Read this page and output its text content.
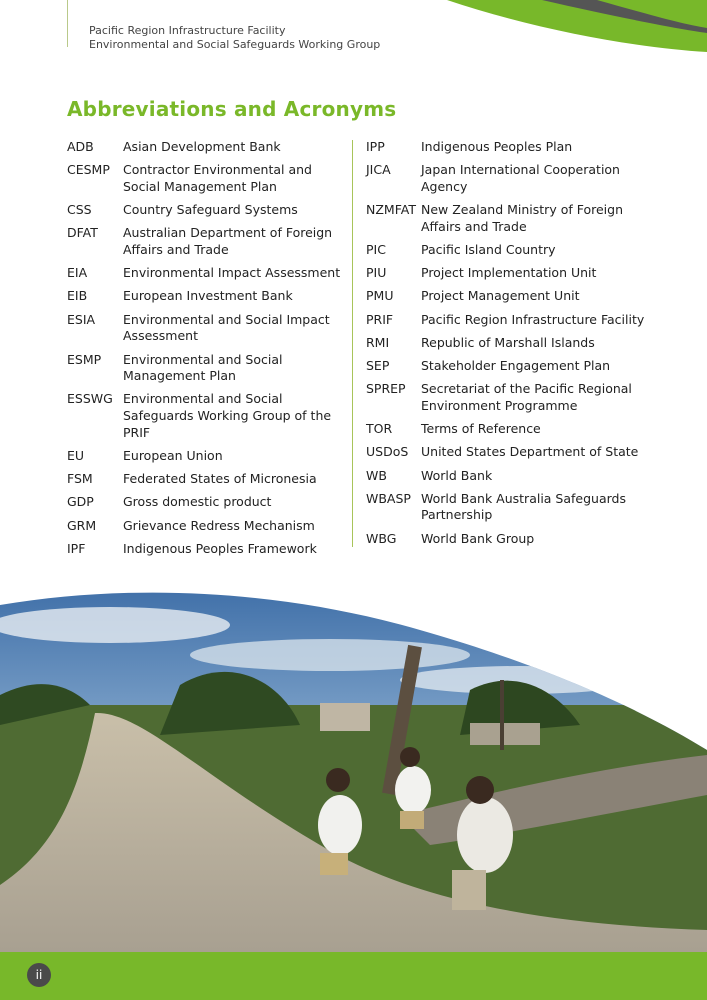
Pacific Region Infrastructure Facility
Environmental and Social Safeguards Working Group
Abbreviations and Acronyms
ADB	Asian Development Bank
CESMP	Contractor Environmental and Social Management Plan
CSS	Country Safeguard Systems
DFAT	Australian Department of Foreign Affairs and Trade
EIA	Environmental Impact Assessment
EIB	European Investment Bank
ESIA	Environmental and Social Impact Assessment
ESMP	Environmental and Social Management Plan
ESSWG Environmental and Social Safeguards Working Group of the PRIF
EU	European Union
FSM	Federated States of Micronesia
GDP	Gross domestic product
GRM	Grievance Redress Mechanism
IPF	Indigenous Peoples Framework
IPP	Indigenous Peoples Plan
JICA	Japan International Cooperation Agency
NZMFAT New Zealand Ministry of Foreign Affairs and Trade
PIC	Pacific Island Country
PIU	Project Implementation Unit
PMU	Project Management Unit
PRIF	Pacific Region Infrastructure Facility
RMI	Republic of Marshall Islands
SEP	Stakeholder Engagement Plan
SPREP	Secretariat of the Pacific Regional Environment Programme
TOR	Terms of Reference
USDoS	United States Department of State
WB	World Bank
WBASP World Bank Australia Safeguards Partnership
WBG	World Bank Group
ii
